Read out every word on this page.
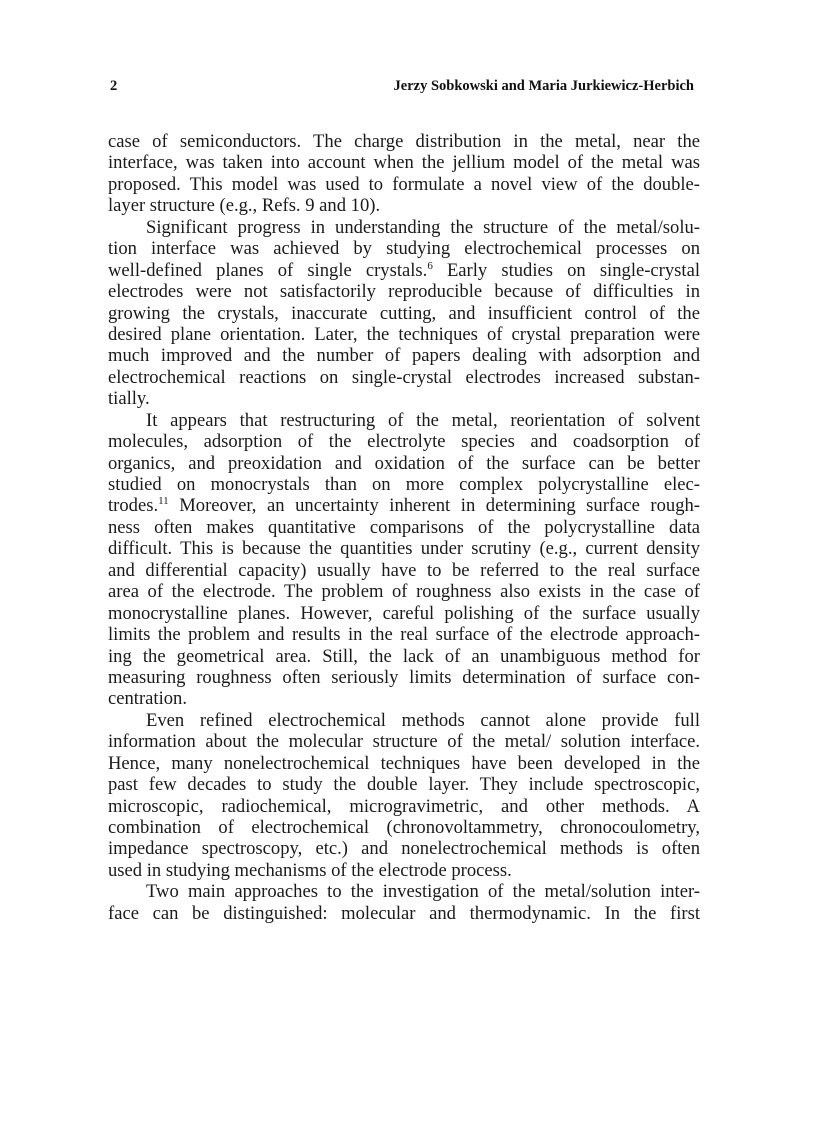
2	Jerzy Sobkowski and Maria Jurkiewicz-Herbich
case of semiconductors. The charge distribution in the metal, near the
interface, was taken into account when the jellium model of the metal was
proposed. This model was used to formulate a novel view of the double-
layer structure (e.g., Refs. 9 and 10).
Significant progress in understanding the structure of the metal/solu-
tion interface was achieved by studying electrochemical processes on
well-defined planes of single crystals.$^6$ Early studies on single-crystal
electrodes were not satisfactorily reproducible because of difficulties in
growing the crystals, inaccurate cutting, and insufficient control of the
desired plane orientation. Later, the techniques of crystal preparation were
much improved and the number of papers dealing with adsorption and
electrochemical reactions on single-crystal electrodes increased substan-
tially.
It appears that restructuring of the metal, reorientation of solvent
molecules, adsorption of the electrolyte species and coadsorption of
organics, and preoxidation and oxidation of the surface can be better
studied on monocrystals than on more complex polycrystalline elec-
trodes.$^{11}$ Moreover, an uncertainty inherent in determining surface rough-
ness often makes quantitative comparisons of the polycrystalline data
difficult. This is because the quantities under scrutiny (e.g., current density
and differential capacity) usually have to be referred to the real surface
area of the electrode. The problem of roughness also exists in the case of
monocrystalline planes. However, careful polishing of the surface usually
limits the problem and results in the real surface of the electrode approach-
ing the geometrical area. Still, the lack of an unambiguous method for
measuring roughness often seriously limits determination of surface con-
centration.
Even refined electrochemical methods cannot alone provide full
information about the molecular structure of the metal/ solution interface.
Hence, many nonelectrochemical techniques have been developed in the
past few decades to study the double layer. They include spectroscopic,
microscopic, radiochemical, microgravimetric, and other methods. A
combination of electrochemical (chronovoltammetry, chronocoulometry,
impedance spectroscopy, etc.) and nonelectrochemical methods is often
used in studying mechanisms of the electrode process.
Two main approaches to the investigation of the metal/solution inter-
face can be distinguished: molecular and thermodynamic. In the first
